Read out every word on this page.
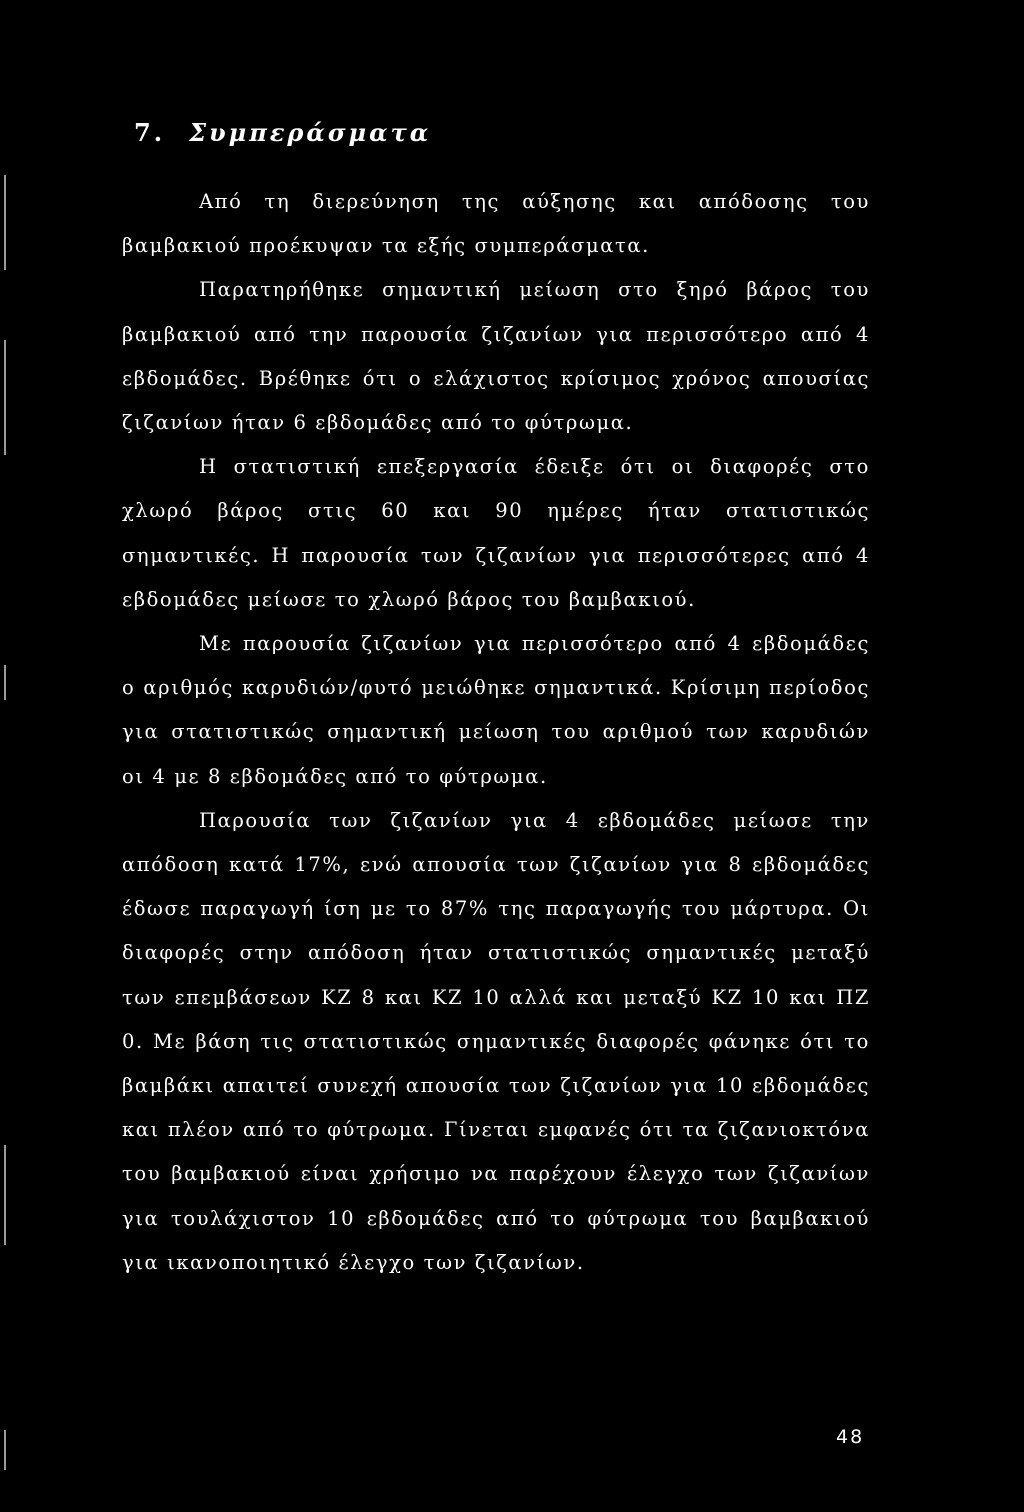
7. Συμπεράσματα

Από τη διερεύνηση της αύξησης και απόδοσης του βαμβακιού προέκυψαν τα εξής συμπεράσματα.

Παρατηρήθηκε σημαντική μείωση στο ξηρό βάρος του βαμβακιού από την παρουσία ζιζανίων για περισσότερο από 4 εβδομάδες. Βρέθηκε ότι ο ελάχιστος κρίσιμος χρόνος απουσίας ζιζανίων ήταν 6 εβδομάδες από το φύτρωμα.

Η στατιστική επεξεργασία έδειξε ότι οι διαφορές στο χλωρό βάρος στις 60 και 90 ημέρες ήταν στατιστικώς σημαντικές. Η παρουσία των ζιζανίων για περισσότερες από 4 εβδομάδες μείωσε το χλωρό βάρος του βαμβακιού.

Με παρουσία ζιζανίων για περισσότερο από 4 εβδομάδες ο αριθμός καρυδιών/φυτό μειώθηκε σημαντικά. Κρίσιμη περίοδος για στατιστικώς σημαντική μείωση του αριθμού των καρυδιών οι 4 με 8 εβδομάδες από το φύτρωμα.

Παρουσία των ζιζανίων για 4 εβδομάδες μείωσε την απόδοση κατά 17%, ενώ απουσία των ζιζανίων για 8 εβδομάδες έδωσε παραγωγή ίση με το 87% της παραγωγής του μάρτυρα. Οι διαφορές στην απόδοση ήταν στατιστικώς σημαντικές μεταξύ των επεμβάσεων ΚΖ 8 και ΚΖ 10 αλλά και μεταξύ ΚΖ 10 και ΠΖ 0. Με βάση τις στατιστικώς σημαντικές διαφορές φάνηκε ότι το βαμβάκι απαιτεί συνεχή απουσία των ζιζανίων για 10 εβδομάδες και πλέον από το φύτρωμα. Γίνεται εμφανές ότι τα ζιζανιοκτόνα του βαμβακιού είναι χρήσιμο να παρέχουν έλεγχο των ζιζανίων για τουλάχιστον 10 εβδομάδες από το φύτρωμα του βαμβακιού για ικανοποιητικό έλεγχο των ζιζανίων.

48
